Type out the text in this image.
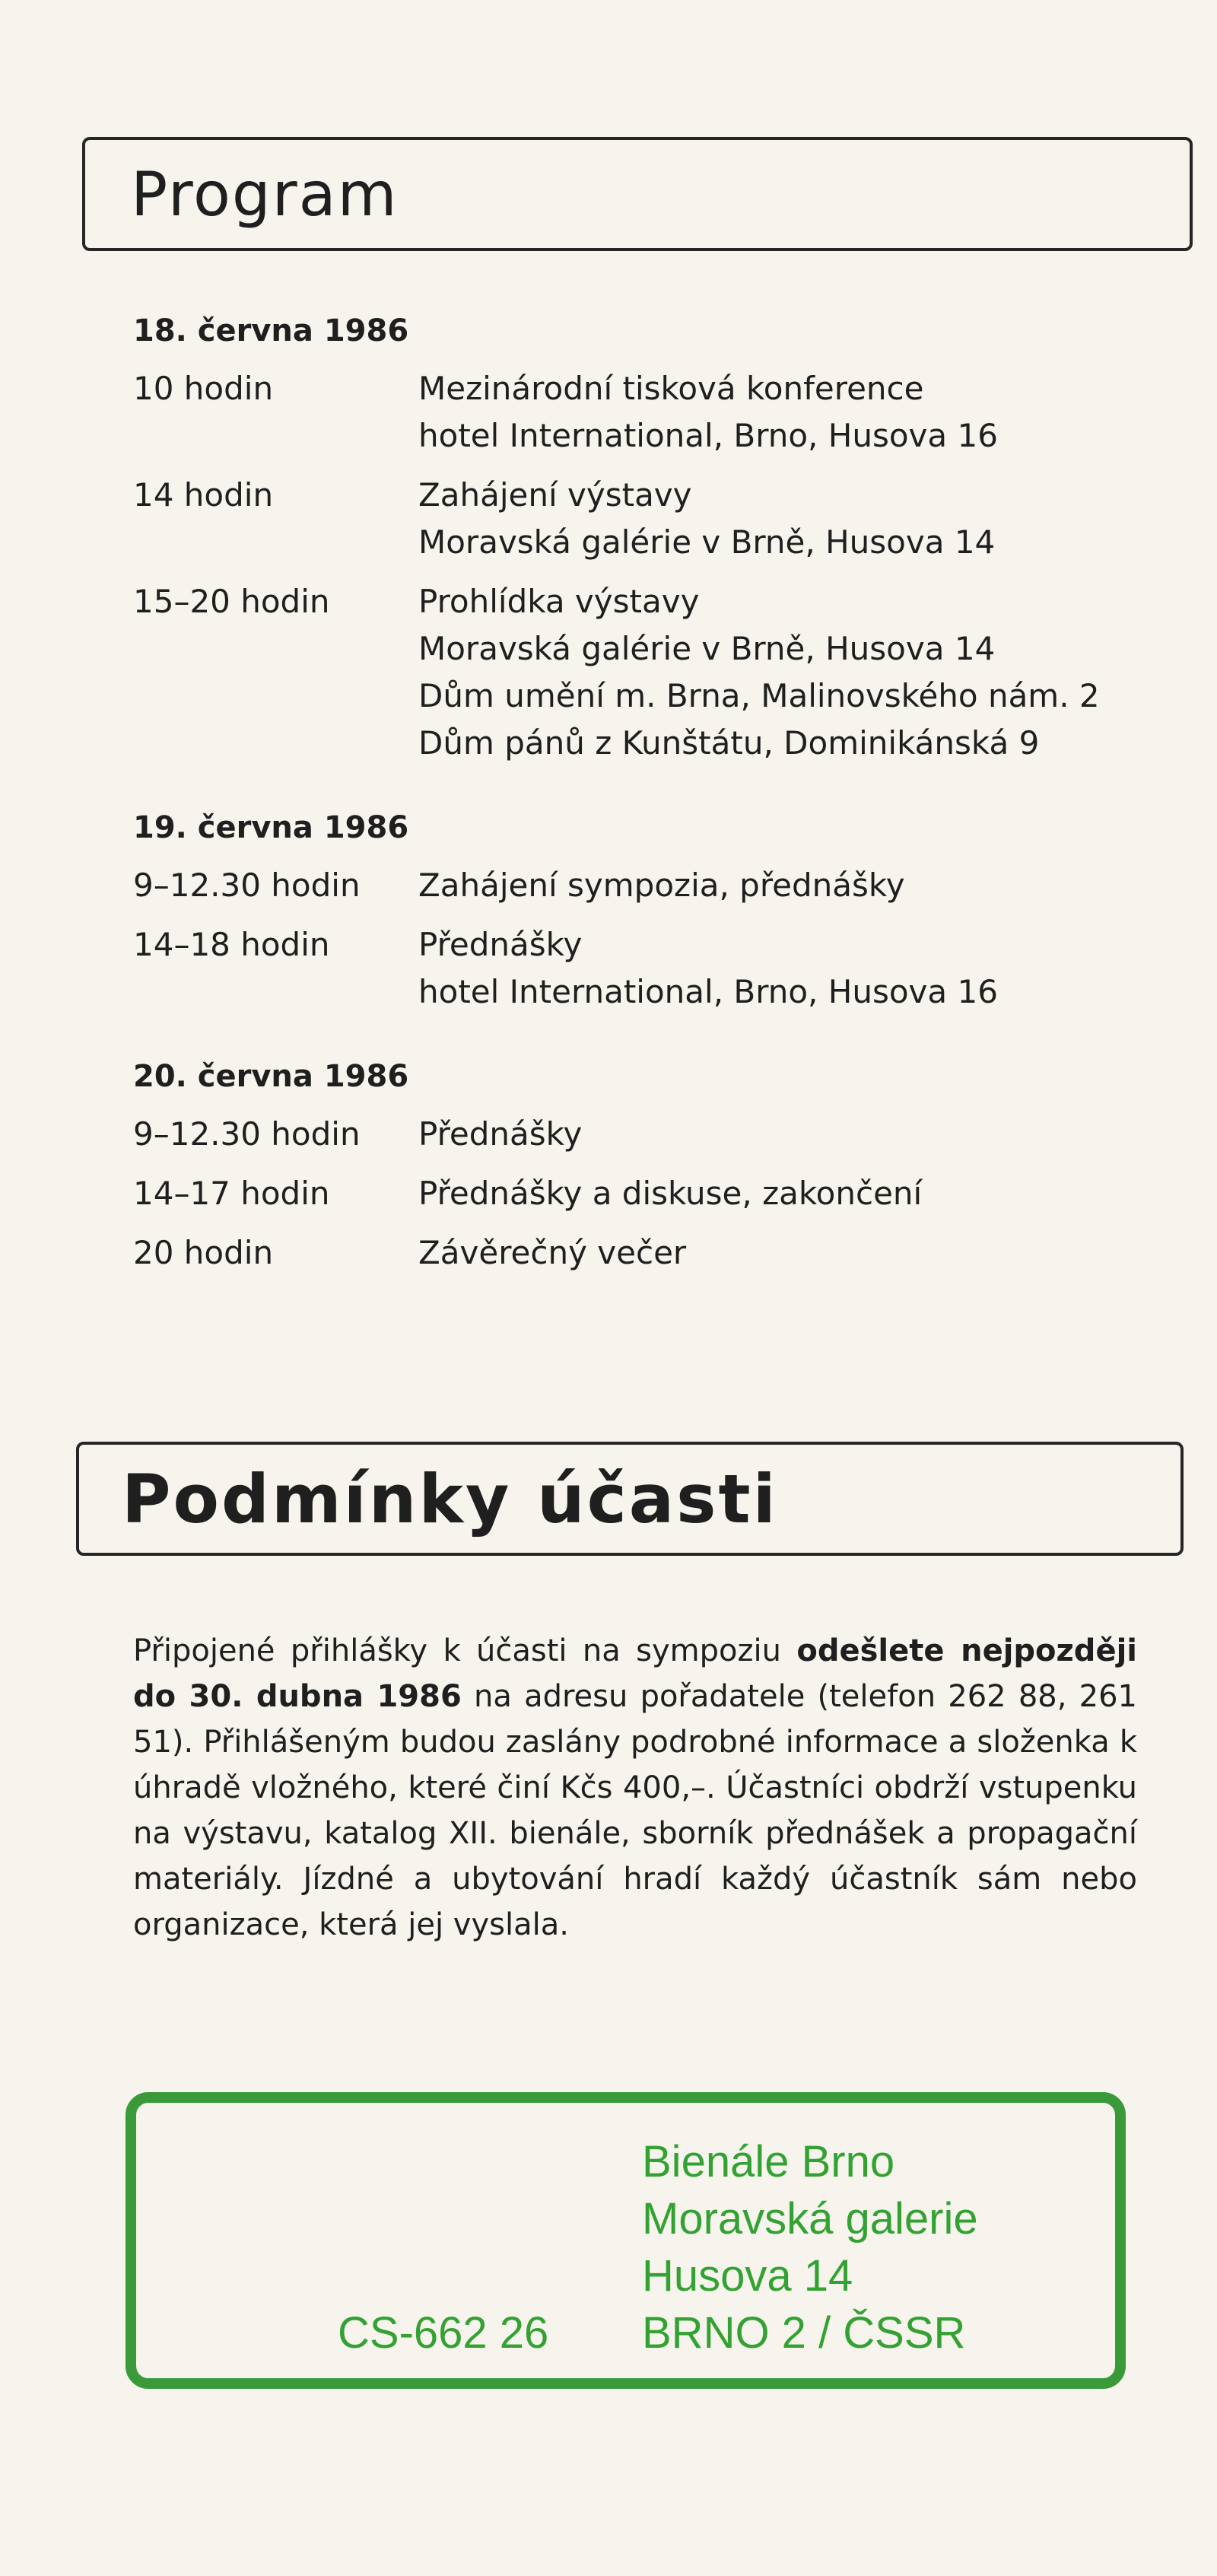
Program
18. června 1986
10 hodin	Mezinárodní tisková konference
hotel International, Brno, Husova 16
14 hodin	Zahájení výstavy
Moravská galérie v Brně, Husova 14
15–20 hodin	Prohlídka výstavy
Moravská galérie v Brně, Husova 14
Dům umění m. Brna, Malinovského nám. 2
Dům pánů z Kunštátu, Dominikánská 9
19. června 1986
9–12.30 hodin	Zahájení sympozia, přednášky
14–18 hodin	Přednášky
hotel International, Brno, Husova 16
20. června 1986
9–12.30 hodin	Přednášky
14–17 hodin	Přednášky a diskuse, zakončení
20 hodin	Závěrečný večer
Podmínky účasti

Připojené přihlášky k účasti na sympoziu odešlete nejpozději do 30. dubna 1986 na adresu pořadatele (telefon 262 88, 261 51). Přihlášeným budou zaslány podrobné informace a složenka k úhradě vložného, které činí Kčs 400,–. Účastníci obdrží vstupenku na výstavu, katalog XII. bienále, sborník přednášek a propagační materiály. Jízdné a ubytování hradí každý účastník sám nebo organizace, která jej vyslala.

Bienále Brno
Moravská galerie
Husova 14
BRNO 2 / ČSSR
CS-662 26
